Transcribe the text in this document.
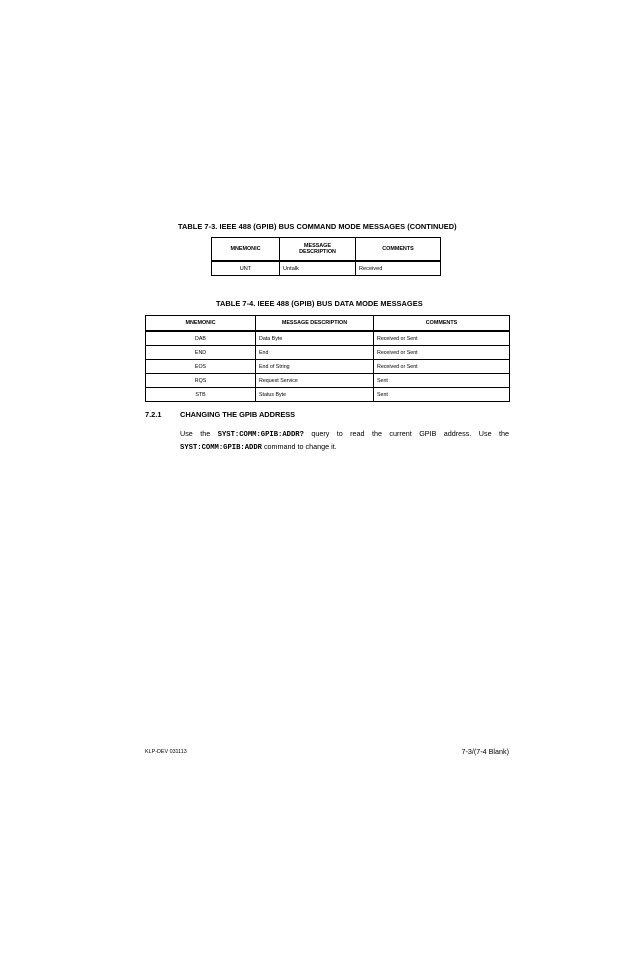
TABLE 7-3. IEEE 488 (GPIB) BUS COMMAND MODE MESSAGES (CONTINUED)

MNEMONIC	MESSAGE DESCRIPTION	COMMENTS
UNT	Untalk	Received

TABLE 7-4. IEEE 488 (GPIB) BUS DATA MODE MESSAGES

MNEMONIC	MESSAGE DESCRIPTION	COMMENTS
DAB	Data Byte	Received or Sent
END	End	Received or Sent
EOS	End of String	Received or Sent
RQS	Request Service	Sent
STB	Status Byte	Sent

7.2.1	CHANGING THE GPIB ADDRESS

Use the SYST:COMM:GPIB:ADDR? query to read the current GPIB address. Use the SYST:COMM:GPIB:ADDR command to change it.

KLP-DEV 031113	7-3/(7-4 Blank)
